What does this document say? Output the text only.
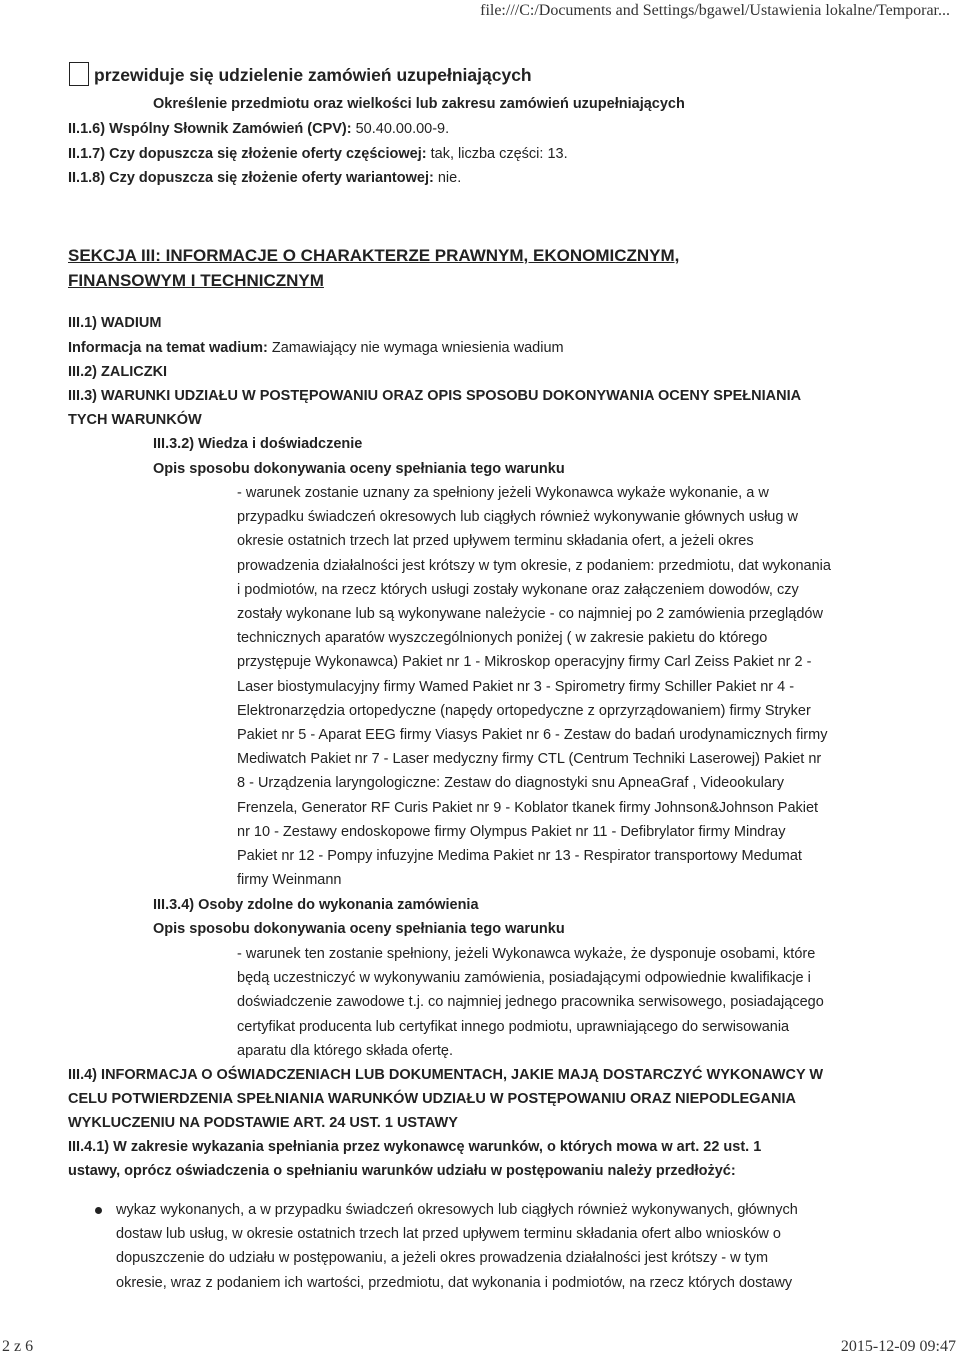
file:///C:/Documents and Settings/bgawel/Ustawienia lokalne/Temporar...
przewiduje się udzielenie zamówień uzupełniających
Określenie przedmiotu oraz wielkości lub zakresu zamówień uzupełniających
II.1.6) Wspólny Słownik Zamówień (CPV): 50.40.00.00-9.
II.1.7) Czy dopuszcza się złożenie oferty częściowej: tak, liczba części: 13.
II.1.8) Czy dopuszcza się złożenie oferty wariantowej: nie.
SEKCJA III: INFORMACJE O CHARAKTERZE PRAWNYM, EKONOMICZNYM,
FINANSOWYM I TECHNICZNYM
III.1) WADIUM
Informacja na temat wadium: Zamawiający nie wymaga wniesienia wadium
III.2) ZALICZKI
III.3) WARUNKI UDZIAŁU W POSTĘPOWANIU ORAZ OPIS SPOSOBU DOKONYWANIA OCENY SPEŁNIANIA
TYCH WARUNKÓW
III.3.2) Wiedza i doświadczenie
Opis sposobu dokonywania oceny spełniania tego warunku
- warunek zostanie uznany za spełniony jeżeli Wykonawca wykaże wykonanie, a w
przypadku świadczeń okresowych lub ciągłych również wykonywanie głównych usług w
okresie ostatnich trzech lat przed upływem terminu składania ofert, a jeżeli okres
prowadzenia działalności jest krótszy w tym okresie, z podaniem: przedmiotu, dat wykonania
i podmiotów, na rzecz których usługi zostały wykonane oraz załączeniem dowodów, czy
zostały wykonane lub są wykonywane należycie - co najmniej po 2 zamówienia przeglądów
technicznych aparatów wyszczególnionych poniżej ( w zakresie pakietu do którego
przystępuje Wykonawca) Pakiet nr 1 - Mikroskop operacyjny firmy Carl Zeiss Pakiet nr 2 -
Laser biostymulacyjny firmy Wamed Pakiet nr 3 - Spirometry firmy Schiller Pakiet nr 4 -
Elektronarzędzia ortopedyczne (napędy ortopedyczne z oprzyrządowaniem) firmy Stryker
Pakiet nr 5 - Aparat EEG firmy Viasys Pakiet nr 6 - Zestaw do badań urodynamicznych firmy
Mediwatch Pakiet nr 7 - Laser medyczny firmy CTL (Centrum Techniki Laserowej) Pakiet nr
8 - Urządzenia laryngologiczne: Zestaw do diagnostyki snu ApneaGraf , Videookulary
Frenzela, Generator RF Curis Pakiet nr 9 - Koblator tkanek firmy Johnson&Johnson Pakiet
nr 10 - Zestawy endoskopowe firmy Olympus Pakiet nr 11 - Defibrylator firmy Mindray
Pakiet nr 12 - Pompy infuzyjne Medima Pakiet nr 13 - Respirator transportowy Medumat
firmy Weinmann
III.3.4) Osoby zdolne do wykonania zamówienia
Opis sposobu dokonywania oceny spełniania tego warunku
- warunek ten zostanie spełniony, jeżeli Wykonawca wykaże, że dysponuje osobami, które
będą uczestniczyć w wykonywaniu zamówienia, posiadającymi odpowiednie kwalifikacje i
doświadczenie zawodowe t.j. co najmniej jednego pracownika serwisowego, posiadającego
certyfikat producenta lub certyfikat innego podmiotu, uprawniającego do serwisowania
aparatu dla którego składa ofertę.
III.4) INFORMACJA O OŚWIADCZENIACH LUB DOKUMENTACH, JAKIE MAJĄ DOSTARCZYĆ WYKONAWCY W
CELU POTWIERDZENIA SPEŁNIANIA WARUNKÓW UDZIAŁU W POSTĘPOWANIU ORAZ NIEPODLEGANIA
WYKLUCZENIU NA PODSTAWIE ART. 24 UST. 1 USTAWY
III.4.1) W zakresie wykazania spełniania przez wykonawcę warunków, o których mowa w art. 22 ust. 1
ustawy, oprócz oświadczenia o spełnianiu warunków udziału w postępowaniu należy przedłożyć:
wykaz wykonanych, a w przypadku świadczeń okresowych lub ciągłych również wykonywanych, głównych
dostaw lub usług, w okresie ostatnich trzech lat przed upływem terminu składania ofert albo wniosków o
dopuszczenie do udziału w postępowaniu, a jeżeli okres prowadzenia działalności jest krótszy - w tym
okresie, wraz z podaniem ich wartości, przedmiotu, dat wykonania i podmiotów, na rzecz których dostawy
2 z 6	2015-12-09 09:47
